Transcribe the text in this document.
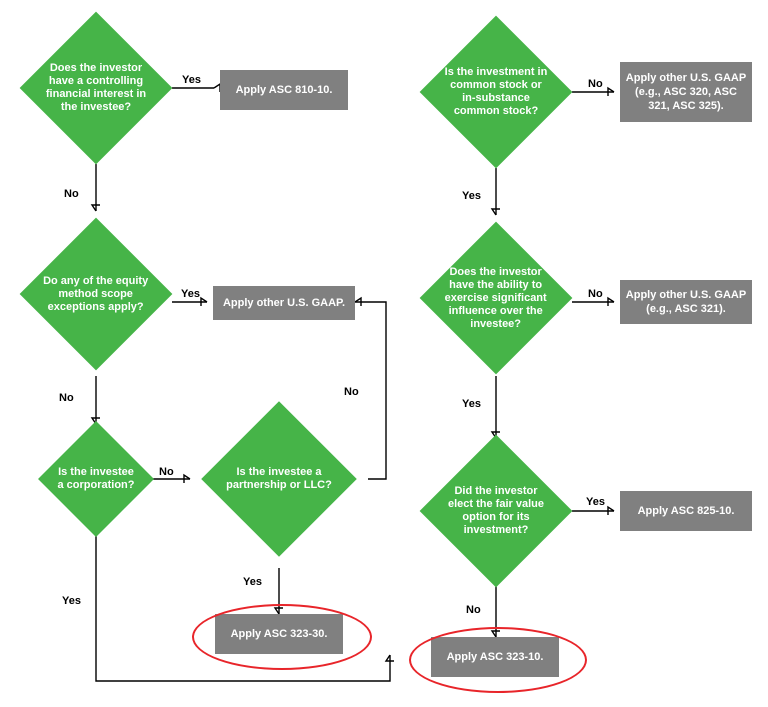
Does the investor have a controlling financial interest in the investee?
Apply ASC 810-10.
Yes
No
Do any of the equity method scope exceptions apply?	Apply other U.S. GAAP.
Yes
No
Is the investee a corporation?
Is the investee a partnership or LLC?
No
No
Yes
Yes
Apply ASC 323-30.
Is the investment in common stock or in-substance common stock?
Apply other U.S. GAAP (e.g., ASC 320, ASC 321, ASC 325).
No
Yes
Does the investor have the ability to exercise significant influence over the investee?
Apply other U.S. GAAP (e.g., ASC 321).
No
Yes
Did the investor elect the fair value option for its investment?
Apply ASC 825-10.
Yes
No
Apply ASC 323-10.
